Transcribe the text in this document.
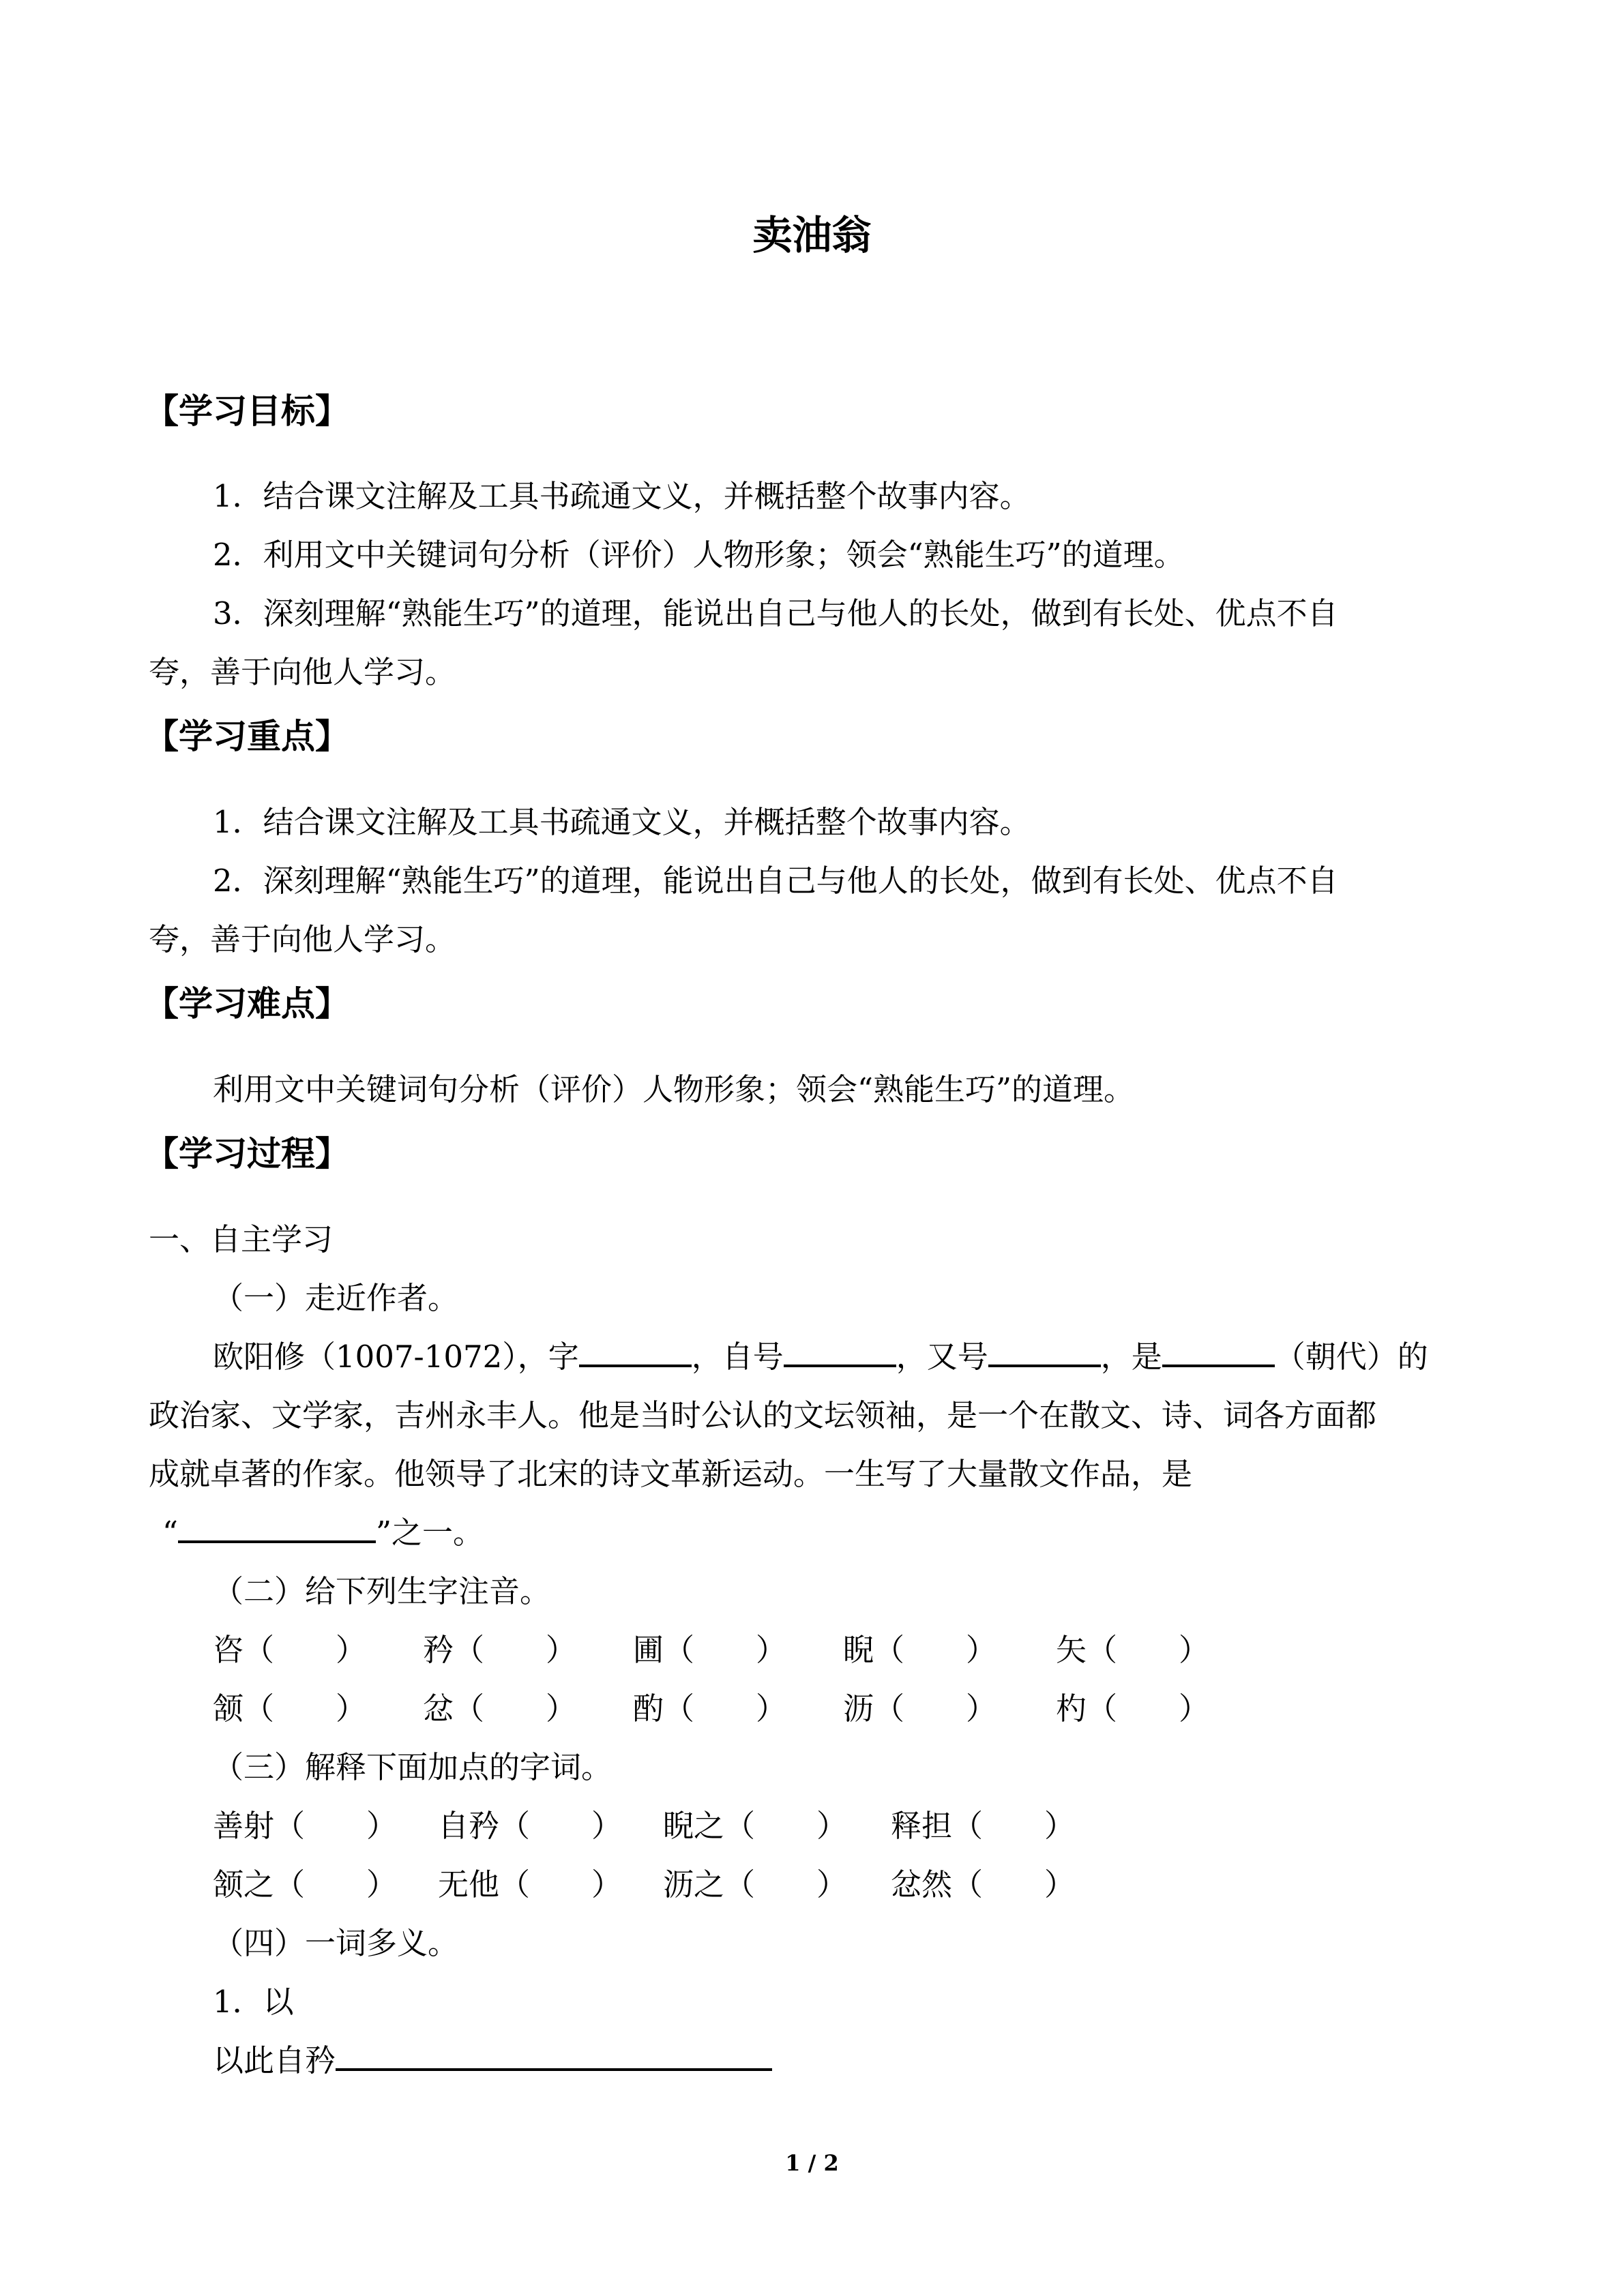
卖油翁
【学习目标】
1．结合课文注解及工具书疏通文义，并概括整个故事内容。
2．利用文中关键词句分析（评价）人物形象；领会“熟能生巧”的道理。
3．深刻理解“熟能生巧”的道理，能说出自己与他人的长处，做到有长处、优点不自
夸，善于向他人学习。
【学习重点】
1．结合课文注解及工具书疏通文义，并概括整个故事内容。
2．深刻理解“熟能生巧”的道理，能说出自己与他人的长处，做到有长处、优点不自
夸，善于向他人学习。
【学习难点】
利用文中关键词句分析（评价）人物形象；领会“熟能生巧”的道理。
【学习过程】
一、自主学习
（一）走近作者。
欧阳修（1007-1072），字	，自号	，又号	，是	（朝代）的
政治家、文学家，吉州永丰人。他是当时公认的文坛领袖，是一个在散文、诗、词各方面都
成就卓著的作家。他领导了北宋的诗文革新运动。一生写了大量散文作品，是
“	”之一。
（二）给下列生字注音。
咨（　　） 矜（　　） 圃（　　） 睨（　　） 矢（　　）
颔（　　） 忿（　　） 酌（　　） 沥（　　） 杓（　　）
（三）解释下面加点的字词。
善射（　　） 自矜（　　） 睨之（　　） 释担（　　）
颔之（　　） 无他（　　） 沥之（　　） 忿然（　　）
（四）一词多义。
1．以
以此自矜
1 / 2
